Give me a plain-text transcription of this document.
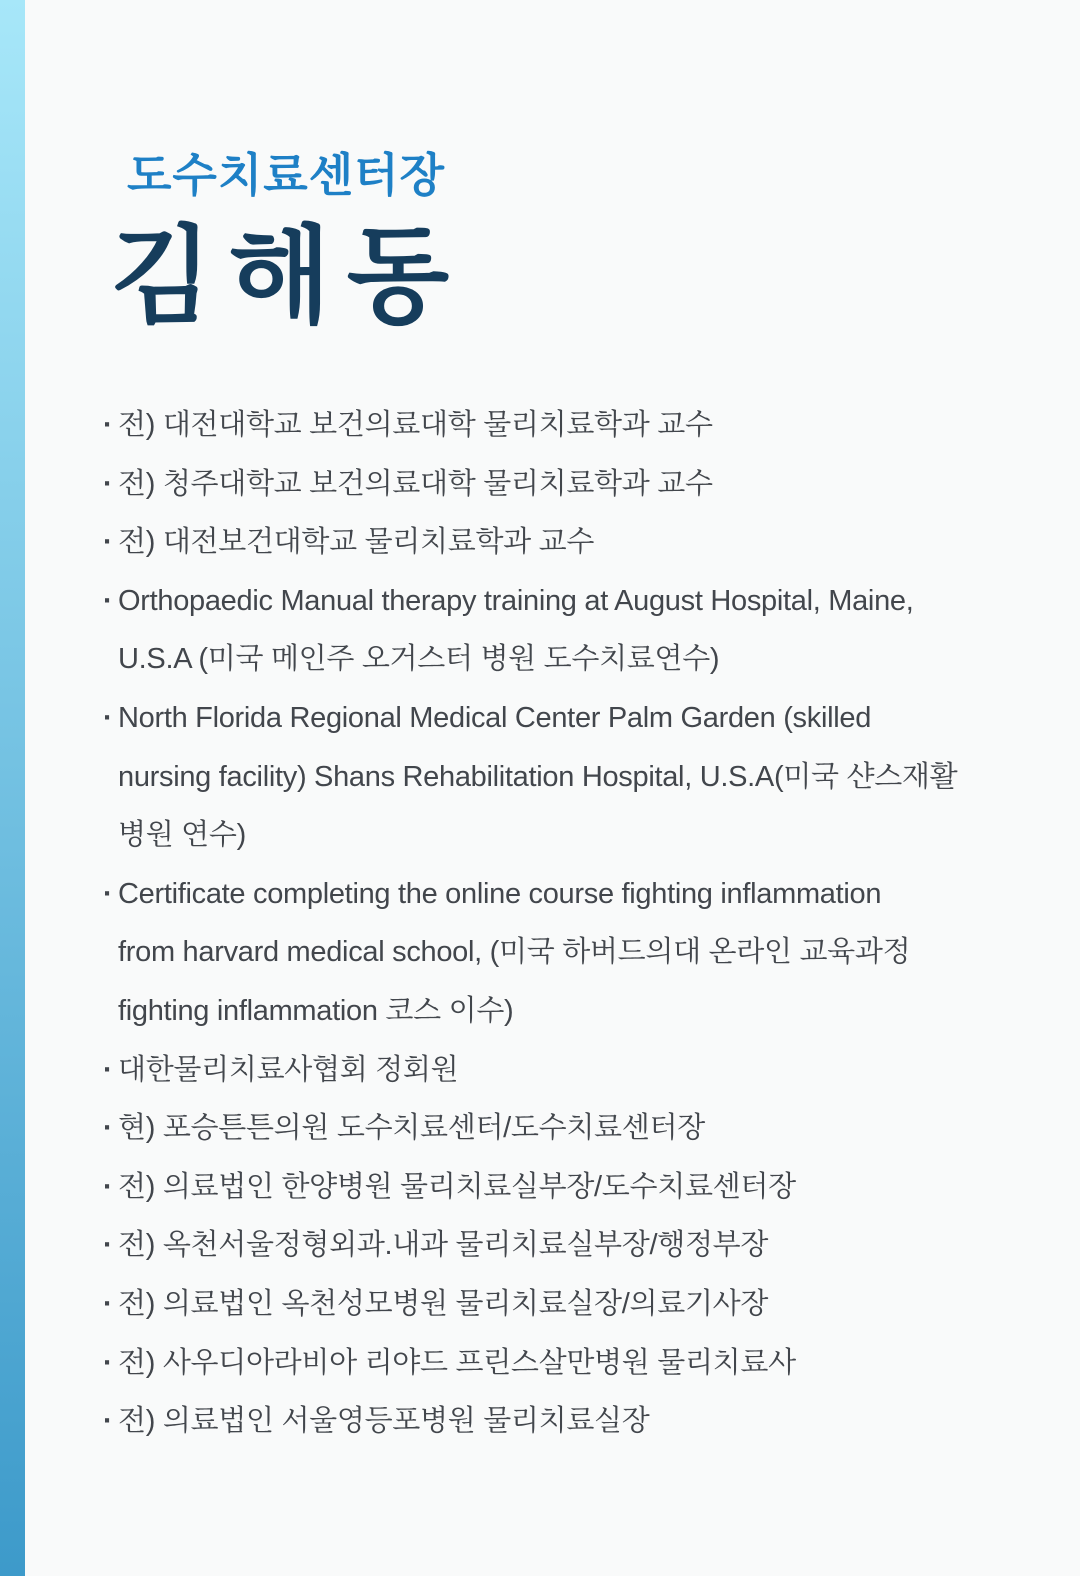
도수치료센터장
김해동
· 전) 대전대학교 보건의료대학 물리치료학과 교수
· 전) 청주대학교 보건의료대학 물리치료학과 교수
· 전) 대전보건대학교 물리치료학과 교수
· Orthopaedic Manual therapy training at August Hospital, Maine,
U.S.A (미국 메인주 오거스터 병원 도수치료연수)
· North Florida Regional Medical Center Palm Garden (skilled
nursing facility) Shans Rehabilitation Hospital, U.S.A(미국 샨스재활
병원 연수)
· Certificate completing the online course fighting inflammation
from harvard medical school, (미국 하버드의대 온라인 교육과정
fighting inflammation 코스 이수)
· 대한물리치료사협회 정회원
· 현) 포승튼튼의원 도수치료센터/도수치료센터장
· 전) 의료법인 한양병원 물리치료실부장/도수치료센터장
· 전) 옥천서울정형외과.내과 물리치료실부장/행정부장
· 전) 의료법인 옥천성모병원 물리치료실장/의료기사장
· 전) 사우디아라비아 리야드 프린스살만병원 물리치료사
· 전) 의료법인 서울영등포병원 물리치료실장
